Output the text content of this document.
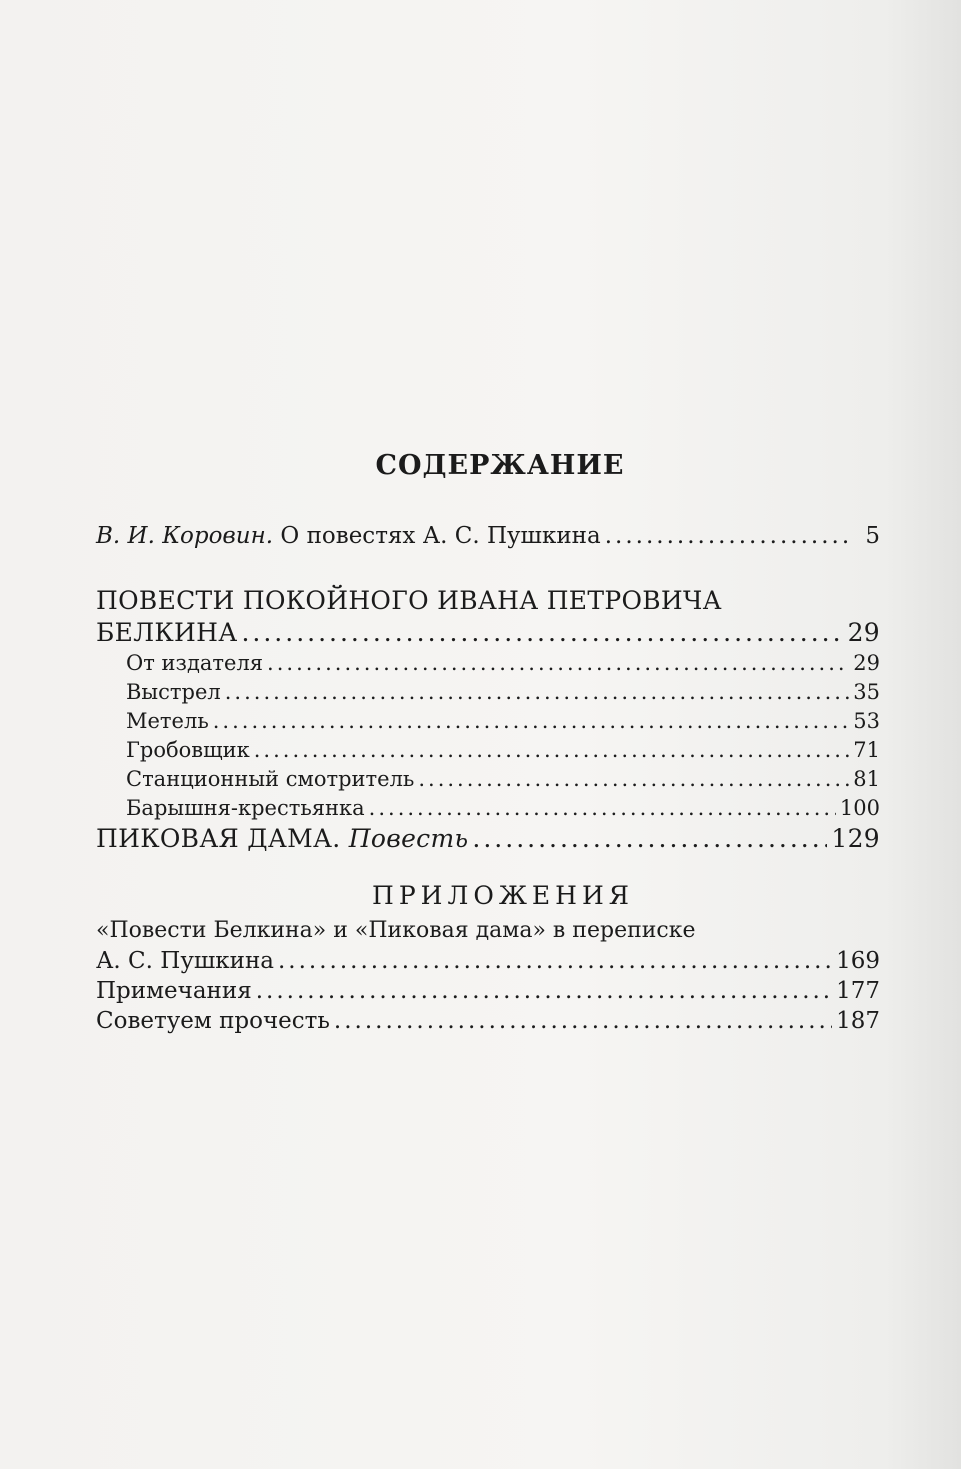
СОДЕРЖАНИЕ
В. И. Коровин.
О повестях А. С. Пушкина .....	5
ПОВЕСТИ ПОКОЙНОГО ИВАНА ПЕТРОВИЧА
БЕЛКИНА .....	29
От издателя .....	29
Выстрел .....	35
Метель .....	53
Гробовщик .....	71
Станционный смотритель .....	81
Барышня-крестьянка .....	100
ПИКОВАЯ ДАМА.
Повесть .....	129
ПРИЛОЖЕНИЯ
«Повести Белкина» и «Пиковая дама» в переписке
А. С. Пушкина .....	169
Примечания .....	177
Советуем прочесть .....	187
